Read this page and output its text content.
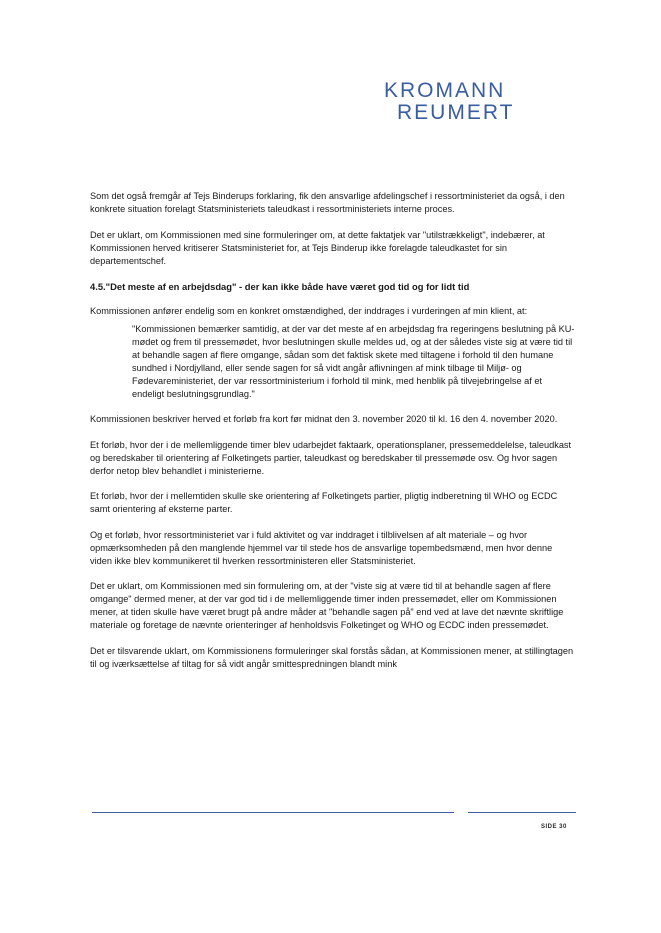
KROMANN
REUMERT

Som det også fremgår af Tejs Binderups forklaring, fik den ansvarlige afdelingschef i ressortministeriet da også, i den konkrete situation forelagt Statsministeriets taleudkast i ressortministeriets interne proces.

Det er uklart, om Kommissionen med sine formuleringer om, at dette faktatjek var "utilstrækkeligt", indebærer, at Kommissionen herved kritiserer Statsministeriet for, at Tejs Binderup ikke forelagde taleudkastet for sin departementschef.

4.5."Det meste af en arbejdsdag" - der kan ikke både have været god tid og for lidt tid

Kommissionen anfører endelig som en konkret omstændighed, der inddrages i vurderingen af min klient, at:

"Kommissionen bemærker samtidig, at der var det meste af en arbejdsdag fra regeringens beslutning på KU-mødet og frem til pressemødet, hvor beslutningen skulle meldes ud, og at der således viste sig at være tid til at behandle sagen af flere omgange, sådan som det faktisk skete med tiltagene i forhold til den humane sundhed i Nordjylland, eller sende sagen for så vidt angår aflivningen af mink tilbage til Miljø- og Fødevareministeriet, der var ressortministerium i forhold til mink, med henblik på tilvejebringelse af et endeligt beslutningsgrundlag."

Kommissionen beskriver herved et forløb fra kort før midnat den 3. november 2020 til kl. 16 den 4. november 2020.

Et forløb, hvor der i de mellemliggende timer blev udarbejdet faktaark, operationsplaner, pressemeddelelse, taleudkast og beredskaber til orientering af Folketingets partier, taleudkast og beredskaber til pressemøde osv. Og hvor sagen derfor netop blev behandlet i ministerierne.

Et forløb, hvor der i mellemtiden skulle ske orientering af Folketingets partier, pligtig indberetning til WHO og ECDC samt orientering af eksterne parter.

Og et forløb, hvor ressortministeriet var i fuld aktivitet og var inddraget i tilblivelsen af alt materiale – og hvor opmærksomheden på den manglende hjemmel var til stede hos de ansvarlige topembedsmænd, men hvor denne viden ikke blev kommunikeret til hverken ressortministeren eller Statsministeriet.

Det er uklart, om Kommissionen med sin formulering om, at der "viste sig at være tid til at behandle sagen af flere omgange" dermed mener, at der var god tid i de mellemliggende timer inden pressemødet, eller om Kommissionen mener, at tiden skulle have været brugt på andre måder at "behandle sagen på" end ved at lave det nævnte skriftlige materiale og foretage de nævnte orienteringer af henholdsvis Folketinget og WHO og ECDC inden pressemødet.

Det er tilsvarende uklart, om Kommissionens formuleringer skal forstås sådan, at Kommissionen mener, at stillingtagen til og iværksættelse af tiltag for så vidt angår smittespredningen blandt mink

SIDE 30
